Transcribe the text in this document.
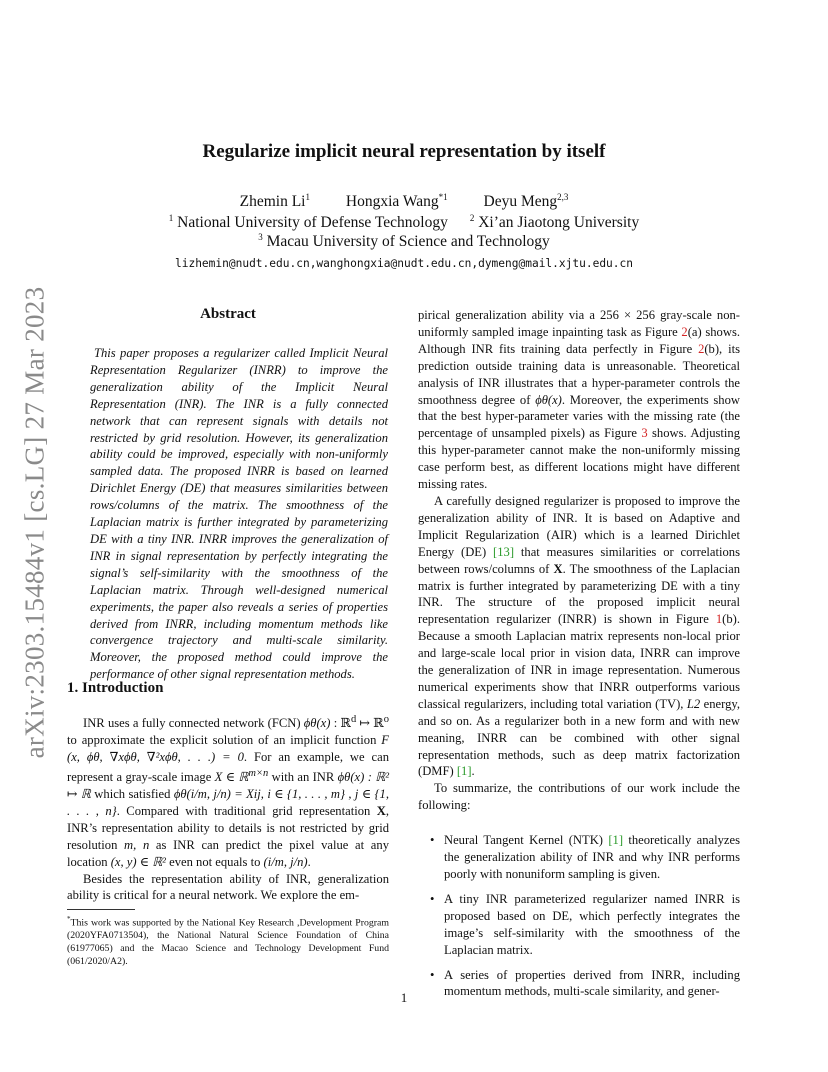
arXiv:2303.15484v1 [cs.LG] 27 Mar 2023
Regularize implicit neural representation by itself
Zhemin Li$^1$ Hongxia Wang$^{*1}$ Deyu Meng$^{2,3}$
$^1$ National University of Defense Technology $^2$ Xi’an Jiaotong University
$^3$ Macau University of Science and Technology
lizhemin@nudt.edu.cn,wanghongxia@nudt.edu.cn,dymeng@mail.xjtu.edu.cn
Abstract

This paper proposes a regularizer called Implicit Neural Representation Regularizer (INRR) to improve the generalization ability of the Implicit Neural Representation (INR). The INR is a fully connected network that can represent signals with details not restricted by grid resolution. However, its generalization ability could be improved, especially with non-uniformly sampled data. The proposed INRR is based on learned Dirichlet Energy (DE) that measures similarities between rows/columns of the matrix. The smoothness of the Laplacian matrix is further integrated by parameterizing DE with a tiny INR. INRR improves the generalization of INR in signal representation by perfectly integrating the signal’s self-similarity with the smoothness of the Laplacian matrix. Through well-designed numerical experiments, the paper also reveals a series of properties derived from INRR, including momentum methods like convergence trajectory and multi-scale similarity. Moreover, the proposed method could improve the performance of other signal representation methods.

1. Introduction

INR uses a fully connected network (FCN) ϕθ(x) : ℝ$^d$ ↦ ℝ$^o$ to approximate the explicit solution of an implicit function F (x, ϕθ, ∇xϕθ, ∇²xϕθ, . . .) = 0. For an example, we can represent a gray-scale image X ∈ ℝ$^{m\times n}$ with an INR ϕθ(x) : ℝ² ↦ ℝ which satisfied ϕθ(i/m, j/n) = Xij, i ∈ {1, . . . , m} , j ∈ {1, . . . , n}. Compared with traditional grid representation X, INR’s representation ability to details is not restricted by grid resolution m, n as INR can predict the pixel value at any location (x, y) ∈ ℝ² even not equals to (i/m, j/n).

Besides the representation ability of INR, generalization ability is critical for a neural network. We explore the em-

pirical generalization ability via a 256 × 256 gray-scale non-uniformly sampled image inpainting task as Figure 2(a) shows. Although INR fits training data perfectly in Figure 2(b), its prediction outside training data is unreasonable. Theoretical analysis of INR illustrates that a hyper-parameter controls the smoothness degree of ϕθ(x). Moreover, the experiments show that the best hyper-parameter varies with the missing rate (the percentage of unsampled pixels) as Figure 3 shows. Adjusting this hyper-parameter cannot make the non-uniformly missing case perform best, as different locations might have different missing rates.

A carefully designed regularizer is proposed to improve the generalization ability of INR. It is based on Adaptive and Implicit Regularization (AIR) which is a learned Dirichlet Energy (DE) [13] that measures similarities or correlations between rows/columns of X. The smoothness of the Laplacian matrix is further integrated by parameterizing DE with a tiny INR. The structure of the proposed implicit neural representation regularizer (INRR) is shown in Figure 1(b). Because a smooth Laplacian matrix represents non-local prior and large-scale local prior in vision data, INRR can improve the generalization of INR in image representation. Numerous numerical experiments show that INRR outperforms various classical regularizers, including total variation (TV), L2 energy, and so on. As a regularizer both in a new form and with new meaning, INRR can be combined with other signal representation methods, such as deep matrix factorization (DMF) [1].

To summarize, the contributions of our work include the following:

• Neural Tangent Kernel (NTK) [1] theoretically analyzes the generalization ability of INR and why INR performs poorly with nonuniform sampling is given.
• A tiny INR parameterized regularizer named INRR is proposed based on DE, which perfectly integrates the image’s self-similarity with the smoothness of the Laplacian matrix.
• A series of properties derived from INRR, including momentum methods, multi-scale similarity, and gener-
*This work was supported by the National Key Research ,Development Program (2020YFA0713504), the National Natural Science Foundation of China (61977065) and the Macao Science and Technology Development Fund (061/2020/A2).
1
